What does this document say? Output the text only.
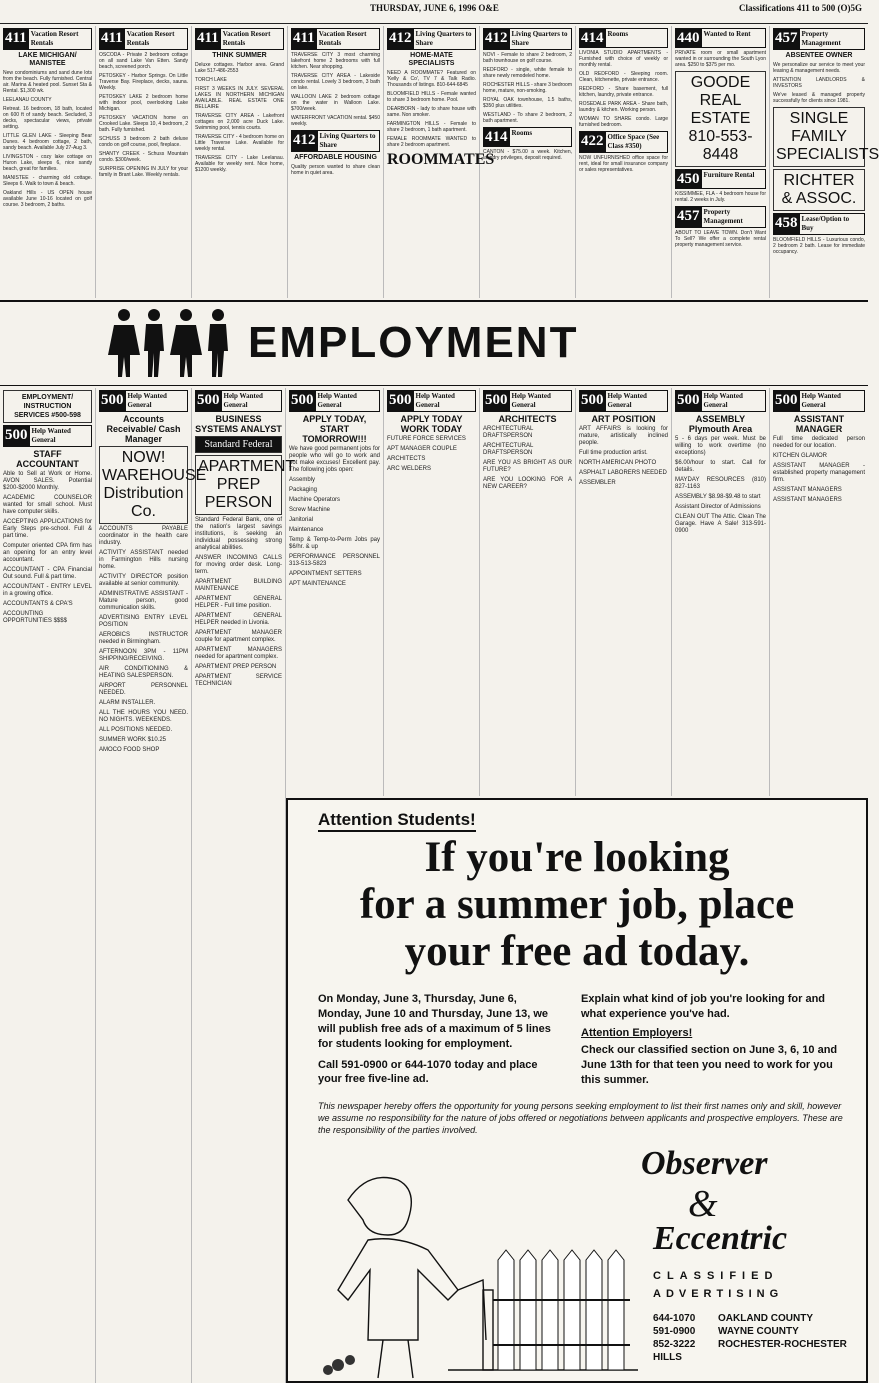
THURSDAY, JUNE 6, 1996 O&E	Classifications 411 to 500 (O)5G
411 Vacation Resort Rentals
LAKE MICHIGAN/ MANISTEE
New condominiums and sand dune lots from the beach. Fully furnished. Central air. Marina & heated pool. Sunset Sta & Rental. $1,300 wk.
LEELANAU COUNTY
Retreat. 16 bedroom, 18 bath, located on 600 ft of sandy beach. Secluded, 3 decks, spectacular views, private setting.
LITTLE GLEN LAKE - Sleeping Bear Dunes. 4 bedroom cottage, 2 bath, sandy beach. Available July 27-Aug 3.
LIVINGSTON - cozy lake cottage on Huron Lake, sleeps 6, nice sandy beach, great for families.
MANISTEE - charming old cottage. Sleeps 6. Walk to town & beach.
Oakland Hills - US OPEN house available June 10-16 located on golf course. 3 bedroom, 2 baths.
411 Vacation Resort Rentals
OSCODA - Private 2 bedroom cottage on all sand Lake Van Etten. Sandy beach, screened porch.
PETOSKEY - Harbor Springs. On Little Traverse Bay. Fireplace, decks, sauna. Weekly.
PETOSKEY LAKE 2 bedroom home with indoor pool, overlooking Lake Michigan.
PETOSKEY VACATION home on Crooked Lake. Sleeps 10, 4 bedroom, 2 bath. Fully furnished.
SCHUSS 3 bedroom 2 bath deluxe condo on golf course, pool, fireplace.
SHANTY CREEK - Schuss Mountain condo. $300/week.
SURPRISE OPENING IN JULY for your family in Brant Lake. Weekly rentals.
411 Vacation Resort Rentals
THINK SUMMER
Deluxe cottages. Harbor area. Grand Lake 517-486-2553
TORCH LAKE
FIRST 3 WEEKS IN JULY. SEVERAL LAKES IN NORTHERN MICHIGAN AVAILABLE. REAL ESTATE ONE BELLAIRE
TRAVERSE CITY AREA - Lakefront cottages on 2,000 acre Duck Lake. Swimming pool, tennis courts.
TRAVERSE CITY - 4 bedroom home on Little Traverse Lake. Available for weekly rental.
TRAVERSE CITY - Lake Leelanau. Available for weekly rent. Nice home, $1200 weekly.
411 Vacation Resort Rentals
TRAVERSE CITY 3 most charming lakefront home 2 bedrooms with full kitchen. Near shopping.
TRAVERSE CITY AREA - Lakeside condo rental. Lovely 3 bedroom, 3 bath on lake.
WALLOON LAKE 2 bedroom cottage on the water in Walloon Lake. $700/week.
WATERFRONT VACATION rental. $450 weekly.
412 Living Quarters to Share
AFFORDABLE HOUSING
Quality person wanted to share clean home in quiet area.
412 Living Quarters to Share
HOME-MATE SPECIALISTS
NEED A ROOMMATE? Featured on 'Kelly & Co', TV 7 & Talk Radio. Thousands of listings. 810-644-6845
BLOOMFIELD HILLS - Female wanted to share 3 bedroom home. Pool.
DEARBORN - lady to share house with same. Non smoker.
FARMINGTON HILLS - Female to share 2 bedroom, 1 bath apartment.
FEMALE ROOMMATE WANTED to share 2 bedroom apartment.
ROOMMATES
412 Living Quarters to Share
NOVI - Female to share 2 bedroom, 2 bath townhouse on golf course.
REDFORD - single, white female to share newly remodeled home.
ROCHESTER HILLS - share 3 bedroom home, mature, non-smoking.
ROYAL OAK townhouse, 1.5 baths, $350 plus utilities.
WESTLAND - To share 2 bedroom, 2 bath apartment.
414 Rooms
CANTON - $75.00 a week. Kitchen, laundry privileges, deposit required.
414 Rooms
LIVONIA STUDIO APARTMENTS - Furnished with choice of weekly or monthly rental.
OLD REDFORD - Sleeping room. Clean, kitchenette, private entrance.
REDFORD - Share basement, full kitchen, laundry, private entrance.
ROSEDALE PARK AREA - Share bath, laundry & kitchen. Working person.
WOMAN TO SHARE condo. Large furnished bedroom.
422 Office Space (See Class #350)
NOW UNFURNISHED office space for rent, ideal for small insurance company or sales representatives.
440 Wanted to Rent
PRIVATE room or small apartment wanted in or surrounding the South Lyon area. $250 to $375 per mo.
GOODE REAL ESTATE 810-553-8448
450 Furniture Rental
KISSIMMEE, FLA - 4 bedroom house for rental. 2 weeks in July.
457 Property Management
ABOUT TO LEAVE TOWN. Don't Want To Sell? We offer a complete rental property management service.
457 Property Management
ABSENTEE OWNER
We personalize our service to meet your leasing & management needs.
ATTENTION LANDLORDS & INVESTORS
We've leased & managed property successfully for clients since 1981.
SINGLE FAMILY SPECIALISTS
RICHTER & ASSOC.
458 Lease/Option to Buy
BLOOMFIELD HILLS - Luxurious condo, 2 bedroom 2 bath. Lease for immediate occupancy.
EMPLOYMENT
EMPLOYMENT/ INSTRUCTION SERVICES #500-598
500 Help Wanted General
STAFF ACCOUNTANT
Able to Sell at Work or Home. AVON SALES. Potential $200-$2000 Monthly.
ACADEMIC COUNSELOR wanted for small school. Must have computer skills.
ACCEPTING APPLICATIONS for Early Steps pre-school. Full & part time.
Computer oriented CPA firm has an opening for an entry level accountant.
ACCOUNTANT - CPA Financial Out sound. Full & part time.
ACCOUNTANT - ENTRY LEVEL in a growing office.
ACCOUNTANTS & CPA'S
ACCOUNTING OPPORTUNITIES $$$$
500 Help Wanted General
Accounts Receivable/ Cash Manager
NOW! WAREHOUSE Distribution Co.
ACCOUNTS PAYABLE coordinator in the health care industry.
ACTIVITY ASSISTANT needed in Farmington Hills nursing home.
ACTIVITY DIRECTOR position available at senior community.
ADMINISTRATIVE ASSISTANT - Mature person, good communication skills.
ADVERTISING ENTRY LEVEL POSITION
AEROBICS INSTRUCTOR needed in Birmingham.
AFTERNOON 3PM - 11PM SHIPPING/RECEIVING.
AIR CONDITIONING & HEATING SALESPERSON.
AIRPORT PERSONNEL NEEDED.
ALARM INSTALLER.
ALL THE HOURS YOU NEED. NO NIGHTS. WEEKENDS.
ALL POSITIONS NEEDED.
SUMMER WORK $10.25
AMOCO FOOD SHOP
500 Help Wanted General
BUSINESS SYSTEMS ANALYST
Standard Federal
APARTMENT PREP PERSON
Standard Federal Bank, one of the nation's largest savings institutions, is seeking an individual possessing strong analytical abilities.
ANSWER INCOMING CALLS for moving order desk. Long-term.
APARTMENT BUILDING MAINTENANCE
APARTMENT GENERAL HELPER - Full time position.
APARTMENT GENERAL HELPER needed in Livonia.
APARTMENT MANAGER couple for apartment complex.
APARTMENT MANAGERS needed for apartment complex.
APARTMENT PREP PERSON
APARTMENT SERVICE TECHNICIAN
500 Help Wanted General
APPLY TODAY, START TOMORROW!!!
We have good permanent jobs for people who will go to work and not make excuses! Excellent pay. The following jobs open:
Assembly
Packaging
Machine Operators
Screw Machine
Janitorial
Maintenance
Temp & Temp-to-Perm Jobs pay $6/hr. & up
PERFORMANCE PERSONNEL 313-513-5823
APPOINTMENT SETTERS
APT MAINTENANCE
500 Help Wanted General
APPLY TODAY WORK TODAY
FUTURE FORCE SERVICES
APT MANAGER COUPLE
ARCHITECTS
ARC WELDERS
500 Help Wanted General
ARCHITECTS
ARCHITECTURAL DRAFTSPERSON
ARCHITECTURAL DRAFTSPERSON
ARE YOU AS BRIGHT AS OUR FUTURE?
ARE YOU LOOKING FOR A NEW CAREER?
500 Help Wanted General
ART POSITION
ART AFFAIRS is looking for mature, artistically inclined people.
Full time production artist.
NORTH AMERICAN PHOTO
ASPHALT LABORERS NEEDED
ASSEMBLER
500 Help Wanted General
ASSEMBLY Plymouth Area
5 - 6 days per week. Must be willing to work overtime (no exceptions)
$6.00/hour to start. Call for details.
MAYDAY RESOURCES (810) 827-1163
ASSEMBLY $8.98-$9.48 to start
Assistant Director of Admissions
CLEAN OUT The Attic. Clean The Garage. Have A Sale! 313-591-0900
500 Help Wanted General
ASSISTANT MANAGER
Full time dedicated person needed for our location.
KITCHEN GLAMOR
ASSISTANT MANAGER - established property management firm.
ASSISTANT MANAGERS
ASSISTANT MANAGERS
Attention Students!
If you're looking
for a summer job, place
your free ad today.
On Monday, June 3, Thursday, June 6, Monday, June 10 and Thursday, June 13, we will publish free ads of a maximum of 5 lines for students looking for employment.
Call 591-0900 or 644-1070 today and place your free five-line ad.
Explain what kind of job you're looking for and what experience you've had.
Attention Employers!
Check our classified section on June 3, 6, 10 and June 13th for that teen you need to work for you this summer.
This newspaper hereby offers the opportunity for young persons seeking employment to list their first names only and skill, however we assume no responsibility for the nature of jobs offered or negotiations between applicants and prospective employers. These are the responsibility of the parties involved.
Observer
&
Eccentric
CLASSIFIED
ADVERTISING
644-1070 OAKLAND COUNTY
591-0900 WAYNE COUNTY
852-3222 ROCHESTER-ROCHESTER HILLS
